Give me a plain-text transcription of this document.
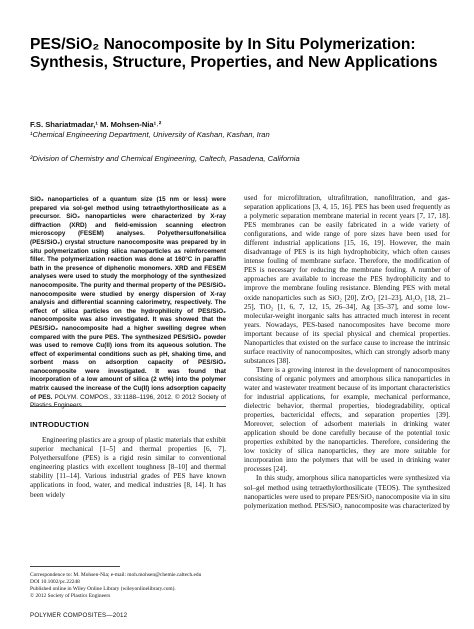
PES/SiO₂ Nanocomposite by In Situ Polymerization: Synthesis, Structure, Properties, and New Applications
F.S. Shariatmadar,¹ M. Mohsen-Nia¹˒²
¹Chemical Engineering Department, University of Kashan, Kashan, Iran
²Division of Chemistry and Chemical Engineering, Caltech, Pasadena, California

SiO₂ nanoparticles of a quantum size (15 nm or less) were prepared via sol-gel method using tetraethylorthosilicate as a precursor. SiO₂ nanoparticles were characterized by X-ray diffraction (XRD) and field-emission scanning electron microscopy (FESEM) analyses. Polyethersulfone/silica (PES/SiO₂) crystal structure nanocomposite was prepared by in situ polymerization using silica nanoparticles as reinforcement filler. The polymerization reaction was done at 160°C in paraffin bath in the presence of diphenolic monomers. XRD and FESEM analyses were used to study the morphology of the synthesized nanocomposite. The purity and thermal property of the PES/SiO₂ nanocomposite were studied by energy dispersion of X-ray analysis and differential scanning calorimetry, respectively. The effect of silica particles on the hydrophilicity of PES/SiO₂ nanocomposite was also investigated. It was showed that the PES/SiO₂ nanocomposite had a higher swelling degree when compared with the pure PES. The synthesized PES/SiO₂ powder was used to remove Cu(II) ions from its aqueous solution. The effect of experimental conditions such as pH, shaking time, and sorbent mass on adsorption capacity of PES/SiO₂ nanocomposite were investigated. It was found that incorporation of a low amount of silica (2 wt%) into the polymer matrix caused the increase of the Cu(II) ions adsorption capacity of PES. POLYM. COMPOS., 33:1188–1196, 2012. © 2012 Society of Plastics Engineers

INTRODUCTION

Engineering plastics are a group of plastic materials that exhibit superior mechanical [1–5] and thermal properties [6, 7]. Polyethersulfone (PES) is a rigid resin similar to conventional engineering plastics with excellent toughness [8–10] and thermal stability [11–14]. Various industrial grades of PES have known applications in food, water, and medical industries [8, 14]. It has been widely

Correspondence to: M. Mohsen-Nia; e-mail: moh.mohsen@chemie.caltech.edu
DOI 10.1002/pc.22248
Published online in Wiley Online Library (wileyonlinelibrary.com).
© 2012 Society of Plastics Engineers

used for microfiltration, ultrafiltration, nanofiltration, and gas-separation applications [3, 4, 15, 16]. PES has been used frequently as a polymeric separation membrane material in recent years [7, 17, 18]. PES membranes can be easily fabricated in a wide variety of configurations, and wide range of pore sizes have been used for different industrial applications [15, 16, 19]. However, the main disadvantage of PES is its high hydrophobicity, which often causes intense fouling of membrane surface. Therefore, the modification of PES is necessary for reducing the membrane fouling. A number of approaches are available to increase the PES hydrophilicity and to improve the membrane fouling resistance. Blending PES with metal oxide nanoparticles such as SiO₂ [20], ZrO₂ [21–23], Al₂O₃ [18, 21–25], TiO₂ [1, 6, 7, 12, 15, 26–34], Ag [35–37], and some low-molecular-weight inorganic salts has attracted much interest in recent years. Nowadays, PES-based nanocomposites have become more important because of its special physical and chemical properties. Nanoparticles that existed on the surface cause to increase the intrinsic surface reactivity of nanocomposites, which can strongly adsorb many substances [38].

There is a growing interest in the development of nanocomposites consisting of organic polymers and amorphous silica nanoparticles in water and wastewater treatment because of its important characteristics for industrial applications, for example, mechanical performance, dielectric behavior, thermal properties, biodegradability, optical properties, bactericidal effects, and separation properties [39]. Moreover, selection of adsorbent materials in drinking water application should be done carefully because of the potential toxic properties exhibited by the nanoparticles. Therefore, considering the low toxicity of silica nanoparticles, they are more suitable for incorporation into the polymers that will be used in drinking water processes [24].

In this study, amorphous silica nanoparticles were synthesized via sol–gel method using tetraethylorthosilicate (TEOS). The synthesized nanoparticles were used to prepare PES/SiO₂ nanocomposite via in situ polymerization method. PES/SiO₂ nanocomposite was characterized by

POLYMER COMPOSITES—2012
